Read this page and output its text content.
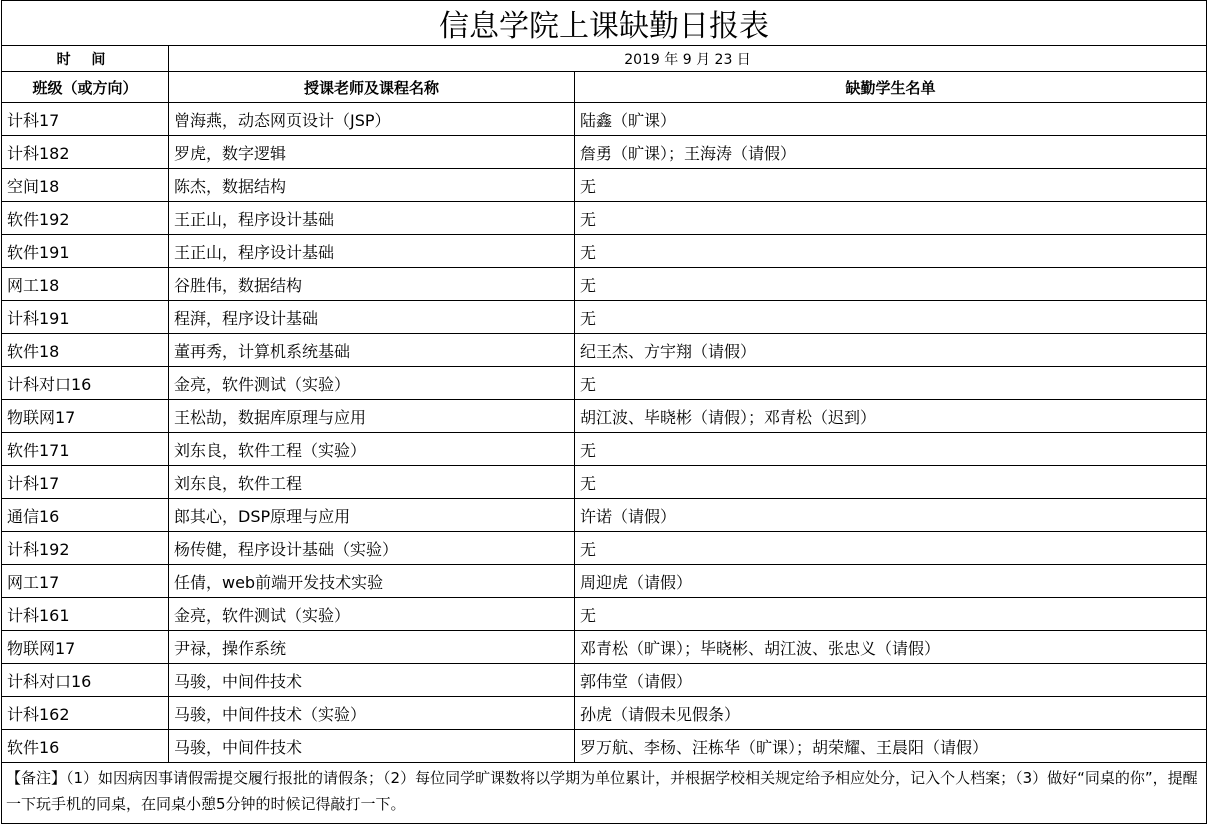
信息学院上课缺勤日报表		
时 间	2019 年 9 月 23 日	
班级（或方向）	授课老师及课程名称	缺勤学生名单
计科17	曾海燕，动态网页设计（JSP）	陆鑫（旷课）
计科182	罗虎，数字逻辑	詹勇（旷课）；王海涛（请假）
空间18	陈杰，数据结构	无
软件192	王正山，程序设计基础	无
软件191	王正山，程序设计基础	无
网工18	谷胜伟，数据结构	无
计科191	程湃，程序设计基础	无
软件18	董再秀，计算机系统基础	纪王杰、方宇翔（请假）
计科对口16	金亮，软件测试（实验）	无
物联网17	王松劼，数据库原理与应用	胡江波、毕晓彬（请假）；邓青松（迟到）
软件171	刘东良，软件工程（实验）	无
计科17	刘东良，软件工程	无
通信16	郎其心，DSP原理与应用	许诺（请假）
计科192	杨传健，程序设计基础（实验）	无
网工17	任倩，web前端开发技术实验	周迎虎（请假）
计科161	金亮，软件测试（实验）	无
物联网17	尹禄，操作系统	邓青松（旷课）；毕晓彬、胡江波、张忠义（请假）
计科对口16	马骏，中间件技术	郭伟堂（请假）
计科162	马骏，中间件技术（实验）	孙虎（请假未见假条）
软件16	马骏，中间件技术	罗万航、李杨、汪栋华（旷课）；胡荣耀、王晨阳（请假）
【备注】（1）如因病因事请假需提交履行报批的请假条；（2）每位同学旷课数将以学期为单位累计，并根据学校相关规定给予相应处分，记入个人档案；（3）做好“同桌的你”，提醒一下玩手机的同桌，在同桌小憩5分钟的时候记得敲打一下。		
